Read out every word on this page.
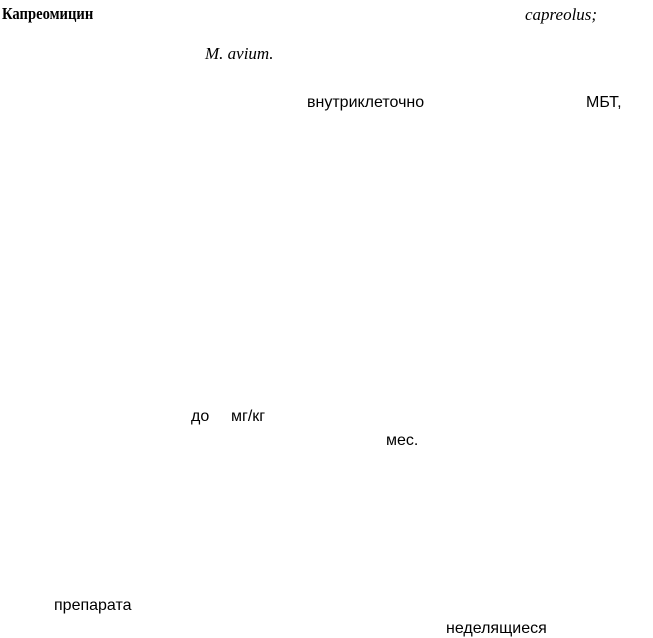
Капреомицин	capreolus;
M. avium.
внутриклеточно	МБТ,
до мг/кг
мес.
препарата
неделящиеся
